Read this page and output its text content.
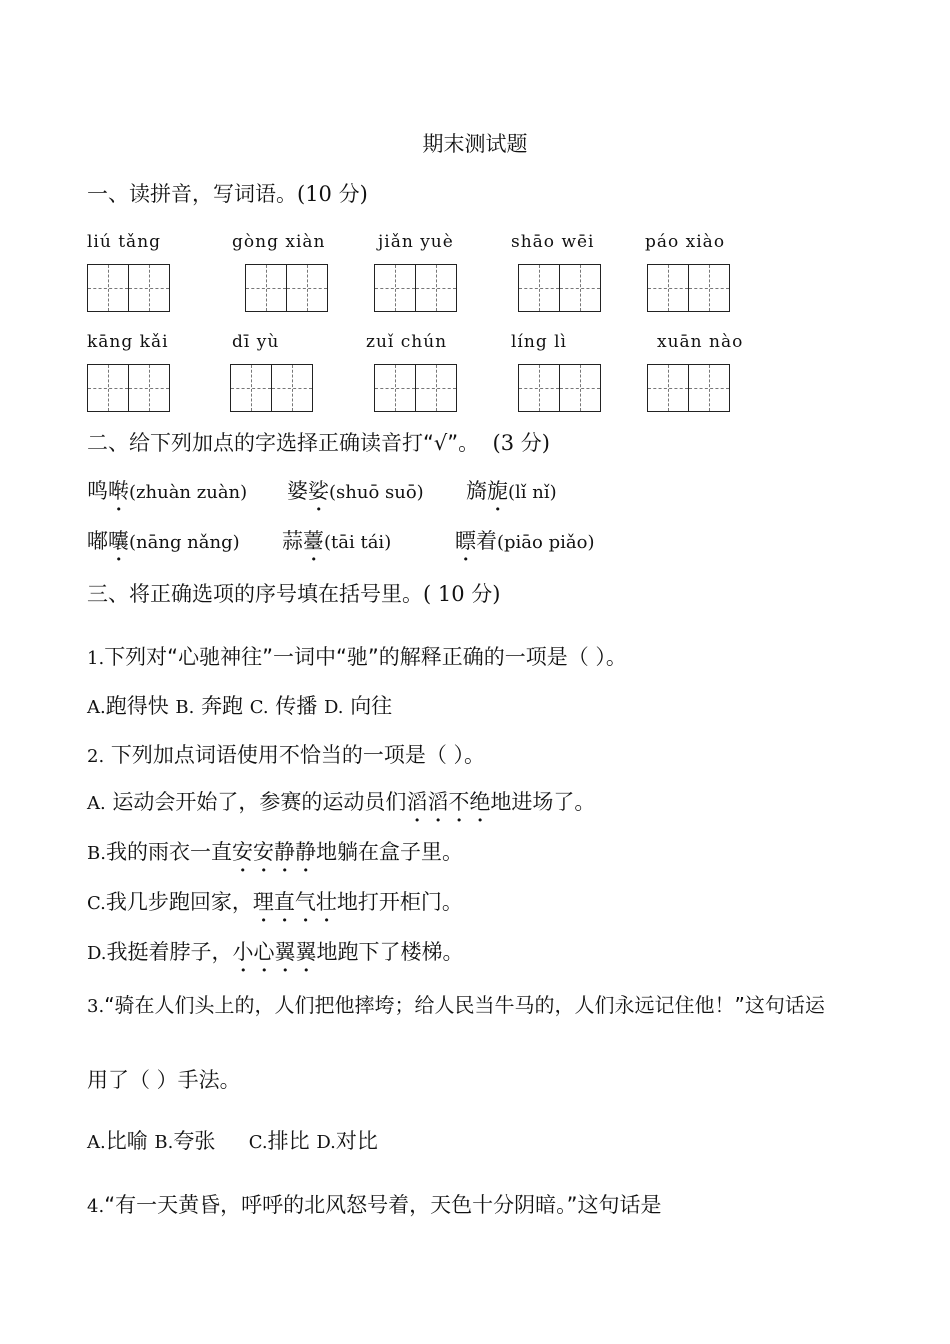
期末测试题
一、读拼音，写词语。(10 分)
liú tǎng	gòng xiàn	jiǎn yuè	shāo wēi	páo xiào
kāng kǎi	dī yù	zuǐ chún	líng lì	xuān nào
二、给下列加点的字选择正确读音打“√”。 (3 分)
鸣啭(zhuàn zuàn) 婆娑(shuō suō) 旖旎(lǐ nǐ)
嘟囔(nāng nǎng) 蒜薹(tāi tái)	瞟着(piāo piǎo)
三、将正确选项的序号填在括号里。( 10 分)
1.下列对“心驰神往”一词中“驰”的解释正确的一项是（ ）。
A.跑得快 B. 奔跑 C. 传播 D. 向往
2. 下列加点词语使用不恰当的一项是（ ）。
A. 运动会开始了，参赛的运动员们滔滔不绝地进场了。
B.我的雨衣一直安安静静地躺在盒子里。
C.我几步跑回家，理直气壮地打开柜门。
D.我挺着脖子，小心翼翼地跑下了楼梯。
3.“骑在人们头上的，人们把他摔垮；给人民当牛马的，人们永远记住他！”这句话运
用了（ ）手法。
A.比喻 B.夸张 C.排比 D.对比
4.“有一天黄昏，呼呼的北风怒号着，天色十分阴暗。”这句话是
